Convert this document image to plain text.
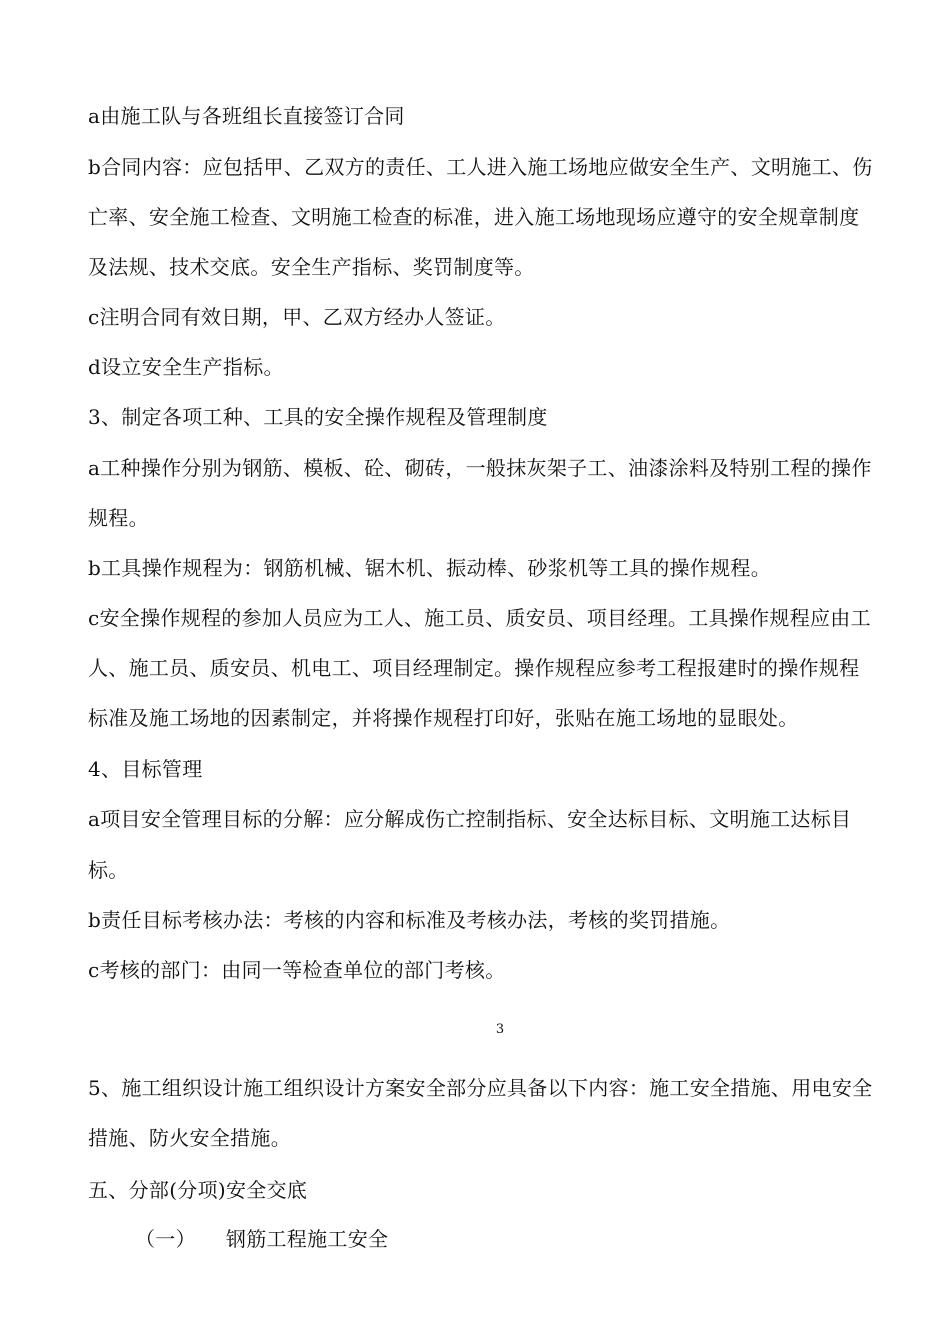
a由施工队与各班组长直接签订合同
b合同内容：应包括甲、乙双方的责任、工人进入施工场地应做安全生产、文明施工、伤
亡率、安全施工检查、文明施工检查的标准，进入施工场地现场应遵守的安全规章制度
及法规、技术交底。安全生产指标、奖罚制度等。
c注明合同有效日期，甲、乙双方经办人签证。
d设立安全生产指标。
3、制定各项工种、工具的安全操作规程及管理制度
a工种操作分别为钢筋、模板、砼、砌砖，一般抹灰架子工、油漆涂料及特别工程的操作
规程。
b工具操作规程为：钢筋机械、锯木机、振动棒、砂浆机等工具的操作规程。
c安全操作规程的参加人员应为工人、施工员、质安员、项目经理。工具操作规程应由工
人、施工员、质安员、机电工、项目经理制定。操作规程应参考工程报建时的操作规程
标准及施工场地的因素制定，并将操作规程打印好，张贴在施工场地的显眼处。
4、目标管理
a项目安全管理目标的分解：应分解成伤亡控制指标、安全达标目标、文明施工达标目
标。
b责任目标考核办法：考核的内容和标准及考核办法，考核的奖罚措施。
c考核的部门：由同一等检查单位的部门考核。
3
5、施工组织设计施工组织设计方案安全部分应具备以下内容：施工安全措施、用电安全
措施、防火安全措施。
五、分部(分项)安全交底
（一） 钢筋工程施工安全
